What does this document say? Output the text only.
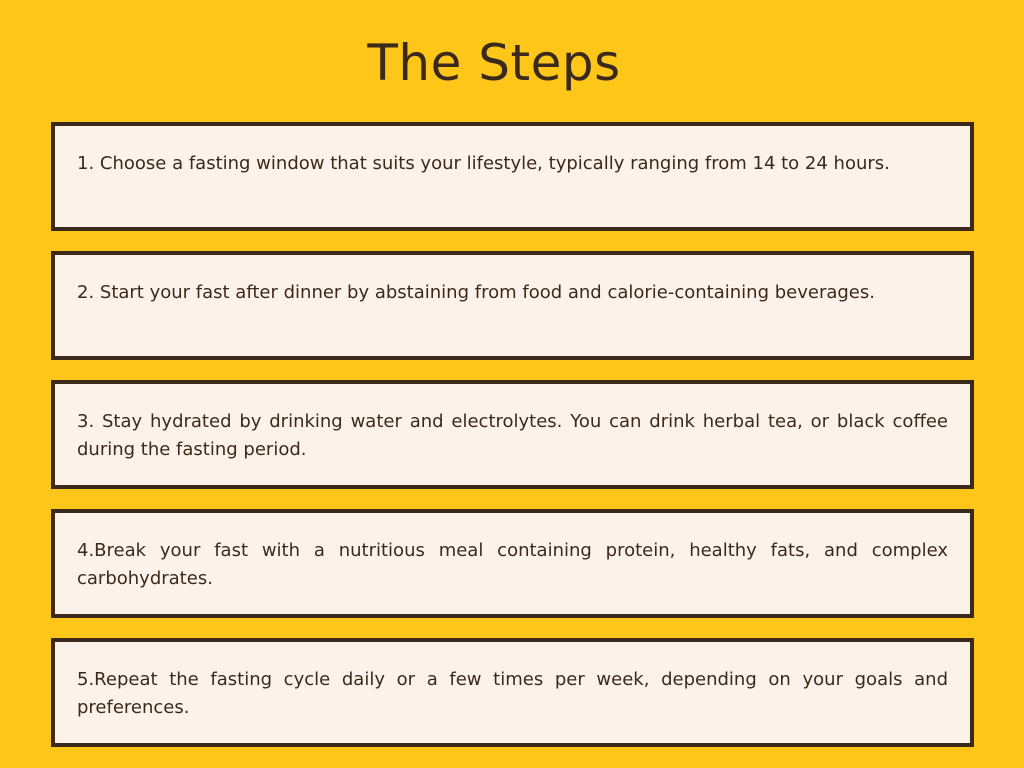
The Steps

1. Choose a fasting window that suits your lifestyle, typically ranging from 14 to 24 hours.

2. Start your fast after dinner by abstaining from food and calorie-containing beverages.

3. Stay hydrated by drinking water and electrolytes. You can drink herbal tea, or black coffee during the fasting period.

4.Break your fast with a nutritious meal containing protein, healthy fats, and complex carbohydrates.

5.Repeat the fasting cycle daily or a few times per week, depending on your goals and preferences.
